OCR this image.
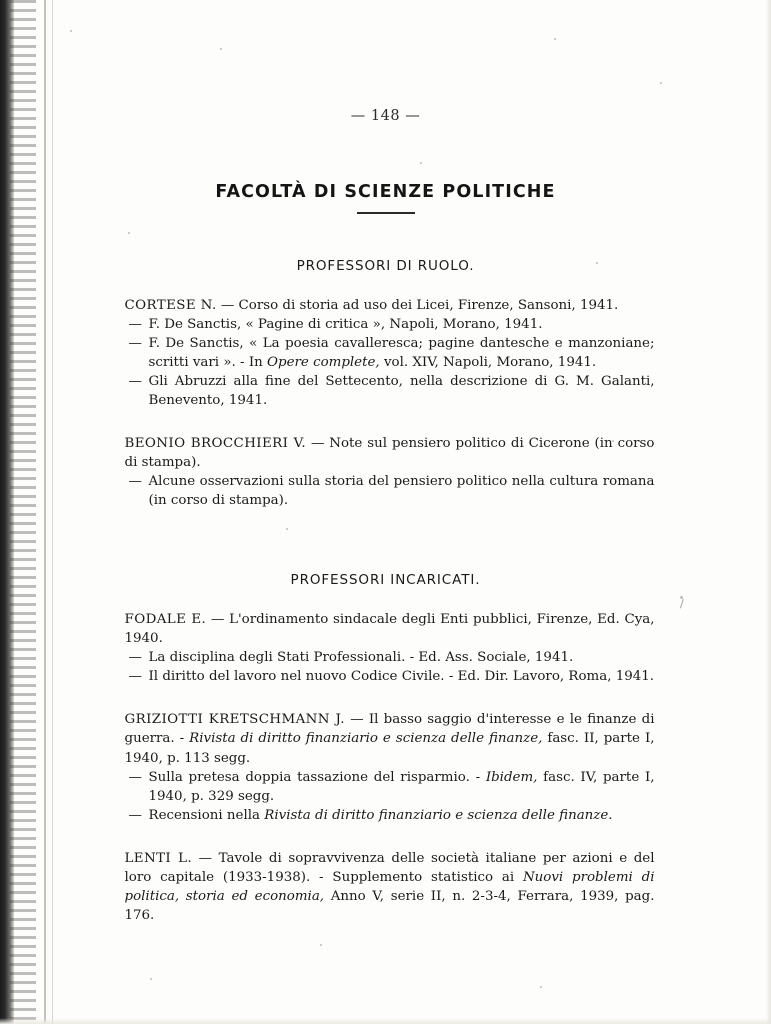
— 148 —
FACOLTÀ DI SCIENZE POLITICHE
PROFESSORI DI RUOLO.
CORTESE N. — Corso di storia ad uso dei Licei, Firenze, Sansoni, 1941.
— F. De Sanctis, « Pagine di critica », Napoli, Morano, 1941.
— F. De Sanctis, « La poesia cavalleresca; pagine dantesche e manzoniane; scritti vari ». - In Opere complete, vol. XIV, Napoli, Morano, 1941.
— Gli Abruzzi alla fine del Settecento, nella descrizione di G. M. Galanti, Benevento, 1941.
BEONIO BROCCHIERI V. — Note sul pensiero politico di Cicerone (in corso di stampa).
— Alcune osservazioni sulla storia del pensiero politico nella cultura romana (in corso di stampa).
PROFESSORI INCARICATI.
FODALE E. — L'ordinamento sindacale degli Enti pubblici, Firenze, Ed. Cya, 1940.
— La disciplina degli Stati Professionali. - Ed. Ass. Sociale, 1941.
— Il diritto del lavoro nel nuovo Codice Civile. - Ed. Dir. Lavoro, Roma, 1941.
GRIZIOTTI KRETSCHMANN J. — Il basso saggio d'interesse e le finanze di guerra. - Rivista di diritto finanziario e scienza delle finanze, fasc. II, parte I, 1940, p. 113 segg.
— Sulla pretesa doppia tassazione del risparmio. - Ibidem, fasc. IV, parte I, 1940, p. 329 segg.
— Recensioni nella Rivista di diritto finanziario e scienza delle finanze.
LENTI L. — Tavole di sopravvivenza delle società italiane per azioni e del loro capitale (1933-1938). - Supplemento statistico ai Nuovi problemi di politica, storia ed economia, Anno V, serie II, n. 2-3-4, Ferrara, 1939, pag. 176.
/
